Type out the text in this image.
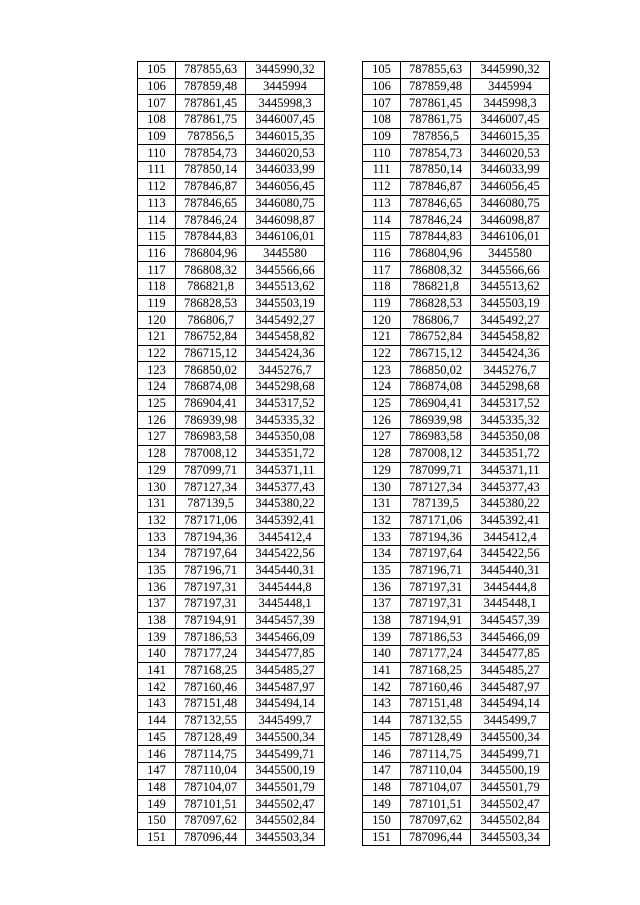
105	787855,63	3445990,32
106	787859,48	3445994
107	787861,45	3445998,3
108	787861,75	3446007,45
109	787856,5	3446015,35
110	787854,73	3446020,53
111	787850,14	3446033,99
112	787846,87	3446056,45
113	787846,65	3446080,75
114	787846,24	3446098,87
115	787844,83	3446106,01
116	786804,96	3445580
117	786808,32	3445566,66
118	786821,8	3445513,62
119	786828,53	3445503,19
120	786806,7	3445492,27
121	786752,84	3445458,82
122	786715,12	3445424,36
123	786850,02	3445276,7
124	786874,08	3445298,68
125	786904,41	3445317,52
126	786939,98	3445335,32
127	786983,58	3445350,08
128	787008,12	3445351,72
129	787099,71	3445371,11
130	787127,34	3445377,43
131	787139,5	3445380,22
132	787171,06	3445392,41
133	787194,36	3445412,4
134	787197,64	3445422,56
135	787196,71	3445440,31
136	787197,31	3445444,8
137	787197,31	3445448,1
138	787194,91	3445457,39
139	787186,53	3445466,09
140	787177,24	3445477,85
141	787168,25	3445485,27
142	787160,46	3445487,97
143	787151,48	3445494,14
144	787132,55	3445499,7
145	787128,49	3445500,34
146	787114,75	3445499,71
147	787110,04	3445500,19
148	787104,07	3445501,79
149	787101,51	3445502,47
150	787097,62	3445502,84
151	787096,44	3445503,34
105	787855,63	3445990,32
106	787859,48	3445994
107	787861,45	3445998,3
108	787861,75	3446007,45
109	787856,5	3446015,35
110	787854,73	3446020,53
111	787850,14	3446033,99
112	787846,87	3446056,45
113	787846,65	3446080,75
114	787846,24	3446098,87
115	787844,83	3446106,01
116	786804,96	3445580
117	786808,32	3445566,66
118	786821,8	3445513,62
119	786828,53	3445503,19
120	786806,7	3445492,27
121	786752,84	3445458,82
122	786715,12	3445424,36
123	786850,02	3445276,7
124	786874,08	3445298,68
125	786904,41	3445317,52
126	786939,98	3445335,32
127	786983,58	3445350,08
128	787008,12	3445351,72
129	787099,71	3445371,11
130	787127,34	3445377,43
131	787139,5	3445380,22
132	787171,06	3445392,41
133	787194,36	3445412,4
134	787197,64	3445422,56
135	787196,71	3445440,31
136	787197,31	3445444,8
137	787197,31	3445448,1
138	787194,91	3445457,39
139	787186,53	3445466,09
140	787177,24	3445477,85
141	787168,25	3445485,27
142	787160,46	3445487,97
143	787151,48	3445494,14
144	787132,55	3445499,7
145	787128,49	3445500,34
146	787114,75	3445499,71
147	787110,04	3445500,19
148	787104,07	3445501,79
149	787101,51	3445502,47
150	787097,62	3445502,84
151	787096,44	3445503,34
